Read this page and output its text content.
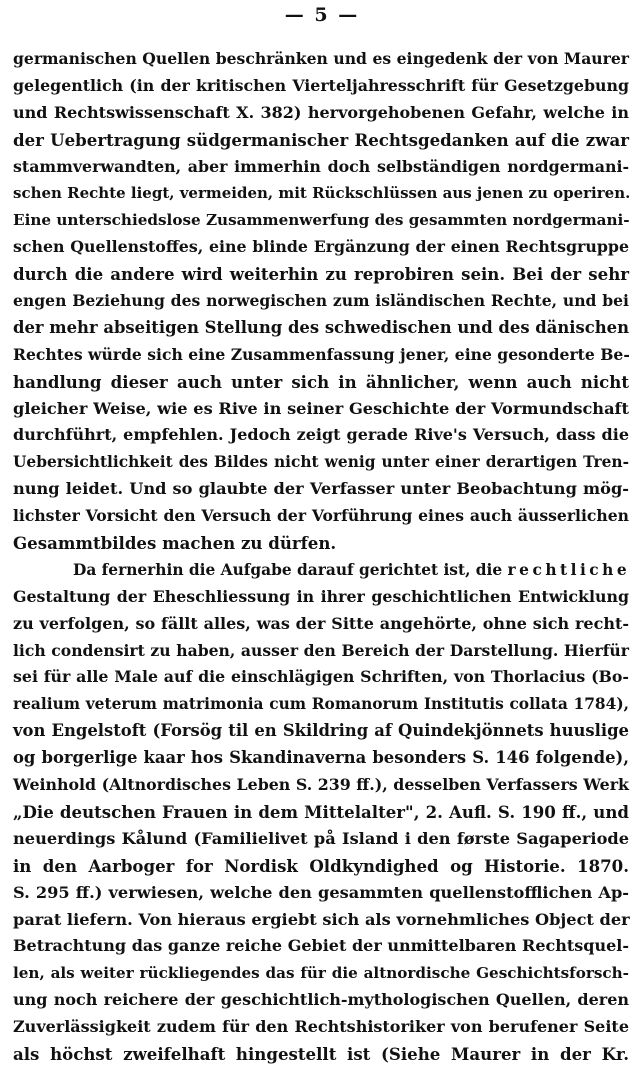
— 5 —
germanischen Quellen beschränken und es eingedenk der von Maurer
gelegentlich (in der kritischen Vierteljahresschrift für Gesetzgebung
und Rechtswissenschaft X. 382) hervorgehobenen Gefahr, welche in
der Uebertragung südgermanischer Rechtsgedanken auf die zwar
stammverwandten, aber immerhin doch selbständigen nordgermani-
schen Rechte liegt, vermeiden, mit Rückschlüssen aus jenen zu operiren.
Eine unterschiedslose Zusammenwerfung des gesammten nordgermani-
schen Quellenstoffes, eine blinde Ergänzung der einen Rechtsgruppe
durch die andere wird weiterhin zu reprobiren sein. Bei der sehr
engen Beziehung des norwegischen zum isländischen Rechte, und bei
der mehr abseitigen Stellung des schwedischen und des dänischen
Rechtes würde sich eine Zusammenfassung jener, eine gesonderte Be-
handlung dieser auch unter sich in ähnlicher, wenn auch nicht
gleicher Weise, wie es Rive in seiner Geschichte der Vormundschaft
durchführt, empfehlen. Jedoch zeigt gerade Rive's Versuch, dass die
Uebersichtlichkeit des Bildes nicht wenig unter einer derartigen Tren-
nung leidet. Und so glaubte der Verfasser unter Beobachtung mög-
lichster Vorsicht den Versuch der Vorführung eines auch äusserlichen
Gesammtbildes machen zu dürfen.
Da fernerhin die Aufgabe darauf gerichtet ist, die rechtliche
Gestaltung der Eheschliessung in ihrer geschichtlichen Entwicklung
zu verfolgen, so fällt alles, was der Sitte angehörte, ohne sich recht-
lich condensirt zu haben, ausser den Bereich der Darstellung. Hierfür
sei für alle Male auf die einschlägigen Schriften, von Thorlacius (Bo-
realium veterum matrimonia cum Romanorum Institutis collata 1784),
von Engelstoft (Forsög til en Skildring af Quindekjönnets huuslige
og borgerlige kaar hos Skandinaverna besonders S. 146 folgende),
Weinhold (Altnordisches Leben S. 239 ff.), desselben Verfassers Werk
„Die deutschen Frauen in dem Mittelalter", 2. Aufl. S. 190 ff., und
neuerdings Kålund (Familielivet på Island i den første Sagaperiode
in den Aarboger for Nordisk Oldkyndighed og Historie. 1870.
S. 295 ff.) verwiesen, welche den gesammten quellenstofflichen Ap-
parat liefern. Von hieraus ergiebt sich als vornehmliches Object der
Betrachtung das ganze reiche Gebiet der unmittelbaren Rechtsquel-
len, als weiter rückliegendes das für die altnordische Geschichtsforsch-
ung noch reichere der geschichtlich-mythologischen Quellen, deren
Zuverlässigkeit zudem für den Rechtshistoriker von berufener Seite
als höchst zweifelhaft hingestellt ist (Siehe Maurer in der Kr.
